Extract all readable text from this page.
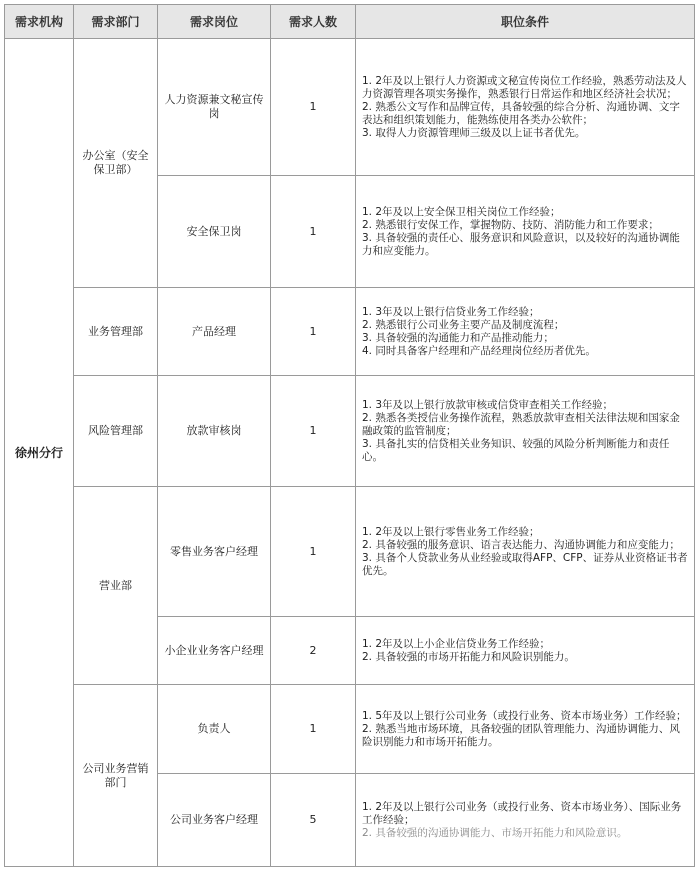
需求机构	需求部门	需求岗位	需求人数	职位条件
徐州分行	办公室（安全保卫部）	人力资源兼文秘宣传岗	1	1. 2年及以上银行人力资源或文秘宣传岗位工作经验，熟悉劳动法及人力资源管理各项实务操作，熟悉银行日常运作和地区经济社会状况；
2. 熟悉公文写作和品牌宣传，具备较强的综合分析、沟通协调、文字表达和组织策划能力，能熟练使用各类办公软件；
3. 取得人力资源管理师三级及以上证书者优先。

		安全保卫岗	1	1. 2年及以上安全保卫相关岗位工作经验；
2. 熟悉银行安保工作，掌握物防、技防、消防能力和工作要求；
3. 具备较强的责任心、服务意识和风险意识，以及较好的沟通协调能力和应变能力。

	业务管理部	产品经理	1	1. 3年及以上银行信贷业务工作经验；
2. 熟悉银行公司业务主要产品及制度流程；
3. 具备较强的沟通能力和产品推动能力；
4. 同时具备客户经理和产品经理岗位经历者优先。

	风险管理部	放款审核岗	1	1. 3年及以上银行放款审核或信贷审查相关工作经验；
2. 熟悉各类授信业务操作流程，熟悉放款审查相关法律法规和国家金融政策的监管制度；
3. 具备扎实的信贷相关业务知识、较强的风险分析判断能力和责任心。

	营业部	零售业务客户经理	1	1. 2年及以上银行零售业务工作经验；
2. 具备较强的服务意识、语言表达能力、沟通协调能力和应变能力；
3. 具备个人贷款业务从业经验或取得AFP、CFP、证券从业资格证书者优先。

		小企业业务客户经理	2	1. 2年及以上小企业信贷业务工作经验；
2. 具备较强的市场开拓能力和风险识别能力。

	公司业务营销部门	负责人	1	1. 5年及以上银行公司业务（或投行业务、资本市场业务）工作经验；
2. 熟悉当地市场环境，具备较强的团队管理能力、沟通协调能力、风险识别能力和市场开拓能力。

		公司业务客户经理	5	1. 2年及以上银行公司业务（或投行业务、资本市场业务）、国际业务工作经验；
2. 具备较强的沟通协调能力、市场开拓能力和风险意识。
